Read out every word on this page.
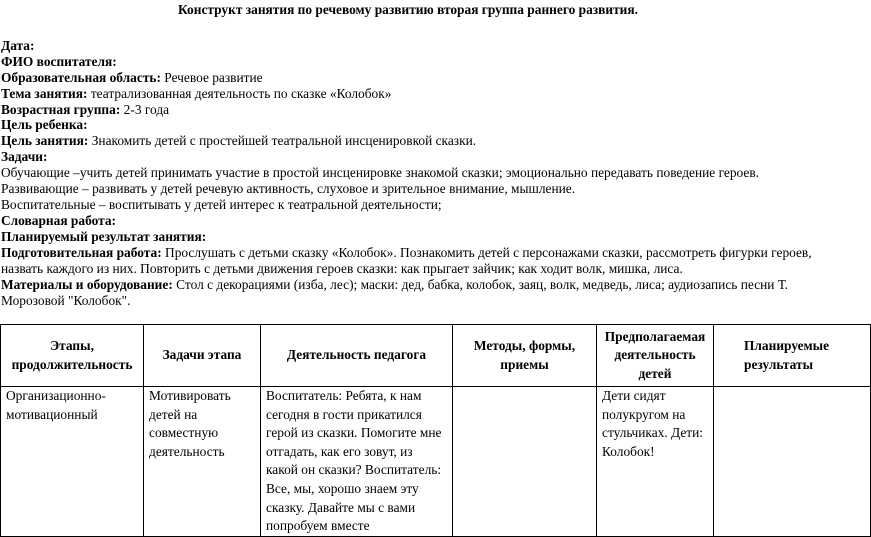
Конструкт занятия по речевому развитию вторая группа раннего развития.
Дата:
ФИО воспитателя:
Образовательная область: Речевое развитие
Тема занятия: театрализованная деятельность по сказке «Колобок»
Возрастная группа: 2-3 года
Цель ребенка:
Цель занятия: Знакомить детей с простейшей театральной инсценировкой сказки.
Задачи:
Обучающие –учить детей принимать участие в простой инсценировке знакомой сказки; эмоционально передавать поведение героев.
Развивающие – развивать у детей речевую активность, слуховое и зрительное внимание, мышление.
Воспитательные – воспитывать у детей интерес к театральной деятельности;
Словарная работа:
Планируемый результат занятия:
Подготовительная работа: Прослушать с детьми сказку «Колобок». Познакомить детей с персонажами сказки, рассмотреть фигурки героев,
назвать каждого из них. Повторить с детьми движения героев сказки: как прыгает зайчик; как ходит волк, мишка, лиса.
Материалы и оборудование: Стол с декорациями (изба, лес); маски: дед, бабка, колобок, заяц, волк, медведь, лиса; аудиозапись песни Т.
Морозовой "Колобок".
Этапы, продолжительность	Задачи этапа	Деятельность педагога	Методы, формы, приемы	Предполагаемая деятельность детей	Планируемые результаты
Организационно-мотивационный	Мотивировать детей на совместную деятельность	Воспитатель: Ребята, к нам сегодня в гости прикатился герой из сказки. Помогите мне отгадать, как его зовут, из какой он сказки? Воспитатель: Все, мы, хорошо знаем эту сказку. Давайте мы с вами попробуем вместе		Дети сидят полукругом на стульчиках. Дети: Колобок!	
